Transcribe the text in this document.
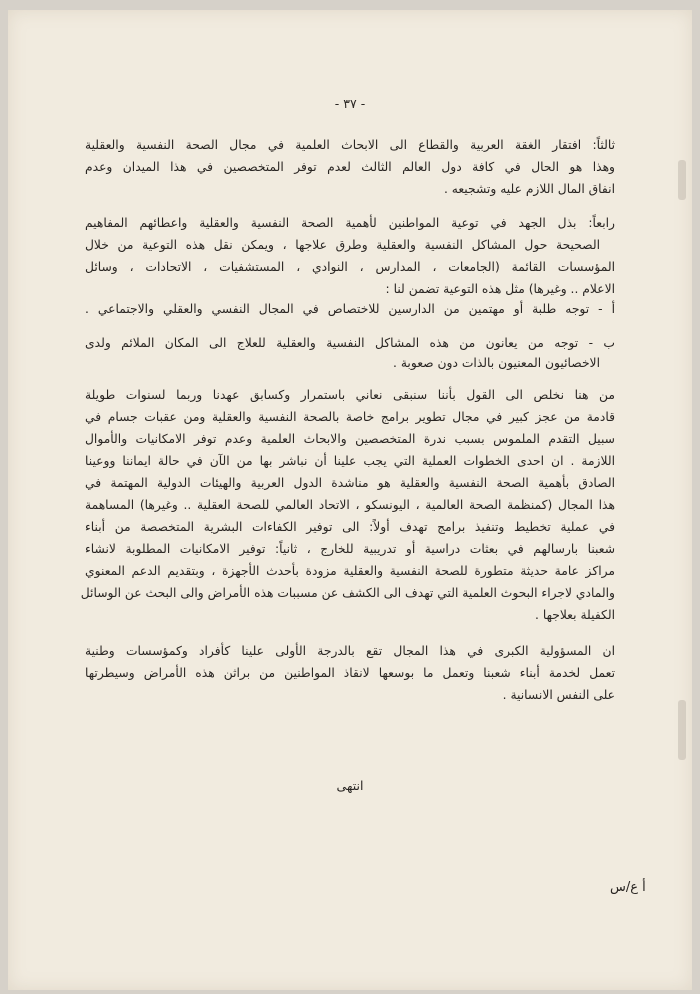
- ٣٧ -
ثالثاً: افتقار الغقة العربية والقطاع الى الابحاث العلمية في مجال الصحة النفسية والعقلية
وهذا هو الحال في كافة دول العالم الثالث لعدم توفر المتخصصين في هذا الميدان وعدم
انفاق المال اللازم عليه وتشجيعه .
رابعاً: بذل الجهد في توعية المواطنين لأهمية الصحة النفسية والعقلية واعطائهم المفاهيم
الصحيحة حول المشاكل النفسية والعقلية وطرق علاجها ، ويمكن نقل هذه التوعية من خلال
المؤسسات القائمة (الجامعات ، المدارس ، النوادي ، المستشفيات ، الاتحادات ، وسائل
الاعلام .. وغيرها) مثل هذه التوعية تضمن لنا :
أ - توجه طلبة أو مهتمين من الدارسين للاختصاص في المجال النفسي والعقلي والاجتماعي .
ب - توجه من يعانون من هذه المشاكل النفسية والعقلية للعلاج الى المكان الملائم ولدى
الاخصائيون المعنيون بالذات دون صعوبة .
من هنا نخلص الى القول بأننا سنبقى نعاني باستمرار وكسابق عهدنا وربما لسنوات طويلة
قادمة من عجز كبير في مجال تطوير برامج خاصة بالصحة النفسية والعقلية ومن عقبات جسام في
سبيل التقدم الملموس بسبب ندرة المتخصصين والابحاث العلمية وعدم توفر الامكانيات والأموال
اللازمة . ان احدى الخطوات العملية التي يجب علينا أن نباشر بها من الآن في حالة ايماننا ووعينا
الصادق بأهمية الصحة النفسية والعقلية هو مناشدة الدول العربية والهيئات الدولية المهتمة في
هذا المجال (كمنظمة الصحة العالمية ، اليونسكو ، الاتحاد العالمي للصحة العقلية .. وغيرها) المساهمة
في عملية تخطيط وتنفيذ برامج تهدف أولاً: الى توفير الكفاءات البشرية المتخصصة من أبناء
شعبنا بارسالهم في بعثات دراسية أو تدريبية للخارج ، ثانياً: توفير الامكانيات المطلوبة لانشاء
مراكز عامة حديثة متطورة للصحة النفسية والعقلية مزودة بأحدث الأجهزة ، وبتقديم الدعم المعنوي
والمادي لاجراء البحوث العلمية التي تهدف الى الكشف عن مسببات هذه الأمراض والى البحث عن الوسائل
الكفيلة بعلاجها .
ان المسؤولية الكبرى في هذا المجال تقع بالدرجة الأولى علينا كأفراد وكمؤسسات وطنية
تعمل لخدمة أبناء شعبنا وتعمل ما بوسعها لانقاذ المواطنين من براثن هذه الأمراض وسيطرتها
على النفس الانسانية .
انتهى
أ ع/س
